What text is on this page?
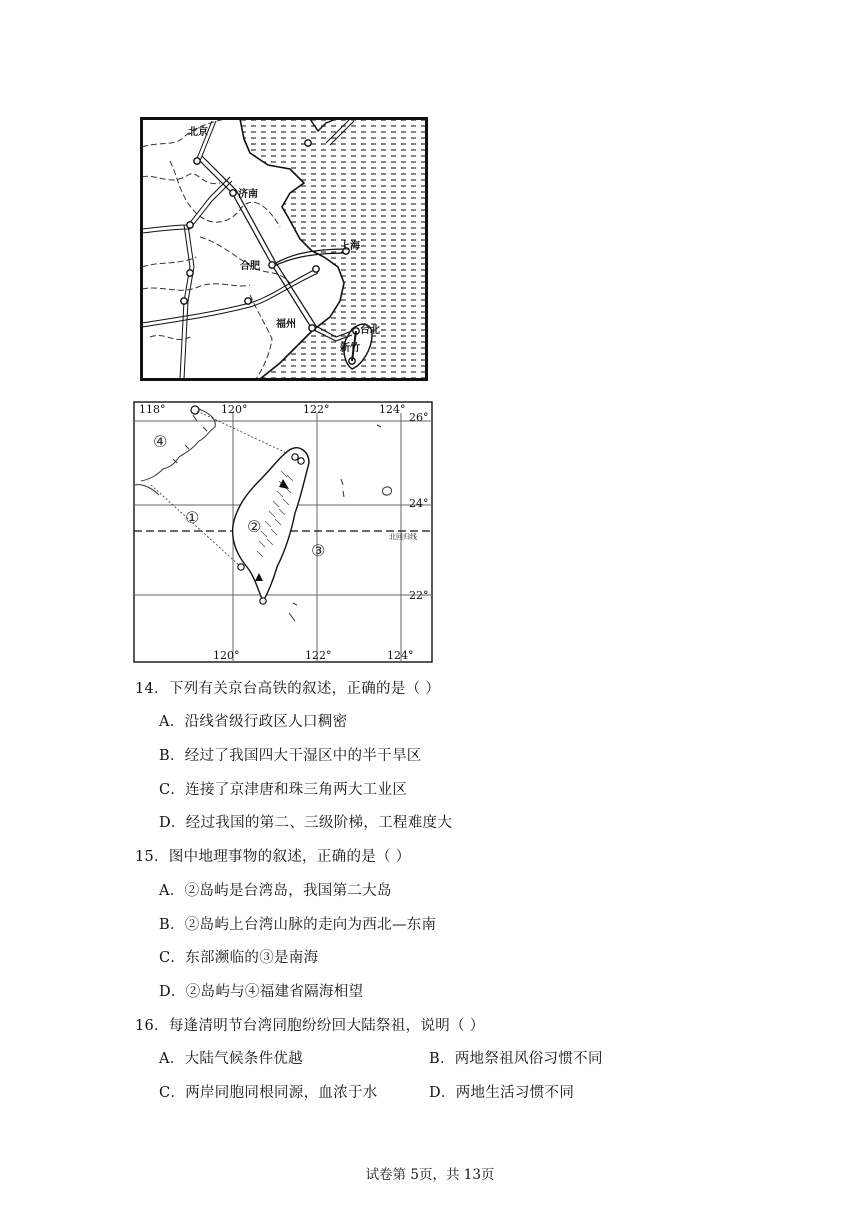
北京
济南
合肥
上海
福州
台北
新竹
118°	120°	122°	124°
120°	122°	124°
26°
24°
22°
北回归线
④
①	②
③
14．下列有关京台高铁的叙述，正确的是（ ）
A．沿线省级行政区人口稠密
B．经过了我国四大干湿区中的半干旱区
C．连接了京津唐和珠三角两大工业区
D．经过我国的第二、三级阶梯，工程难度大
15．图中地理事物的叙述，正确的是（ ）
A．②岛屿是台湾岛，我国第二大岛
B．②岛屿上台湾山脉的走向为西北—东南
C．东部濒临的③是南海
D．②岛屿与④福建省隔海相望
16．每逢清明节台湾同胞纷纷回大陆祭祖，说明（ ）
A．大陆气候条件优越	B．两地祭祖风俗习惯不同
C．两岸同胞同根同源，血浓于水	D．两地生活习惯不同
试卷第 5页，共 13页
